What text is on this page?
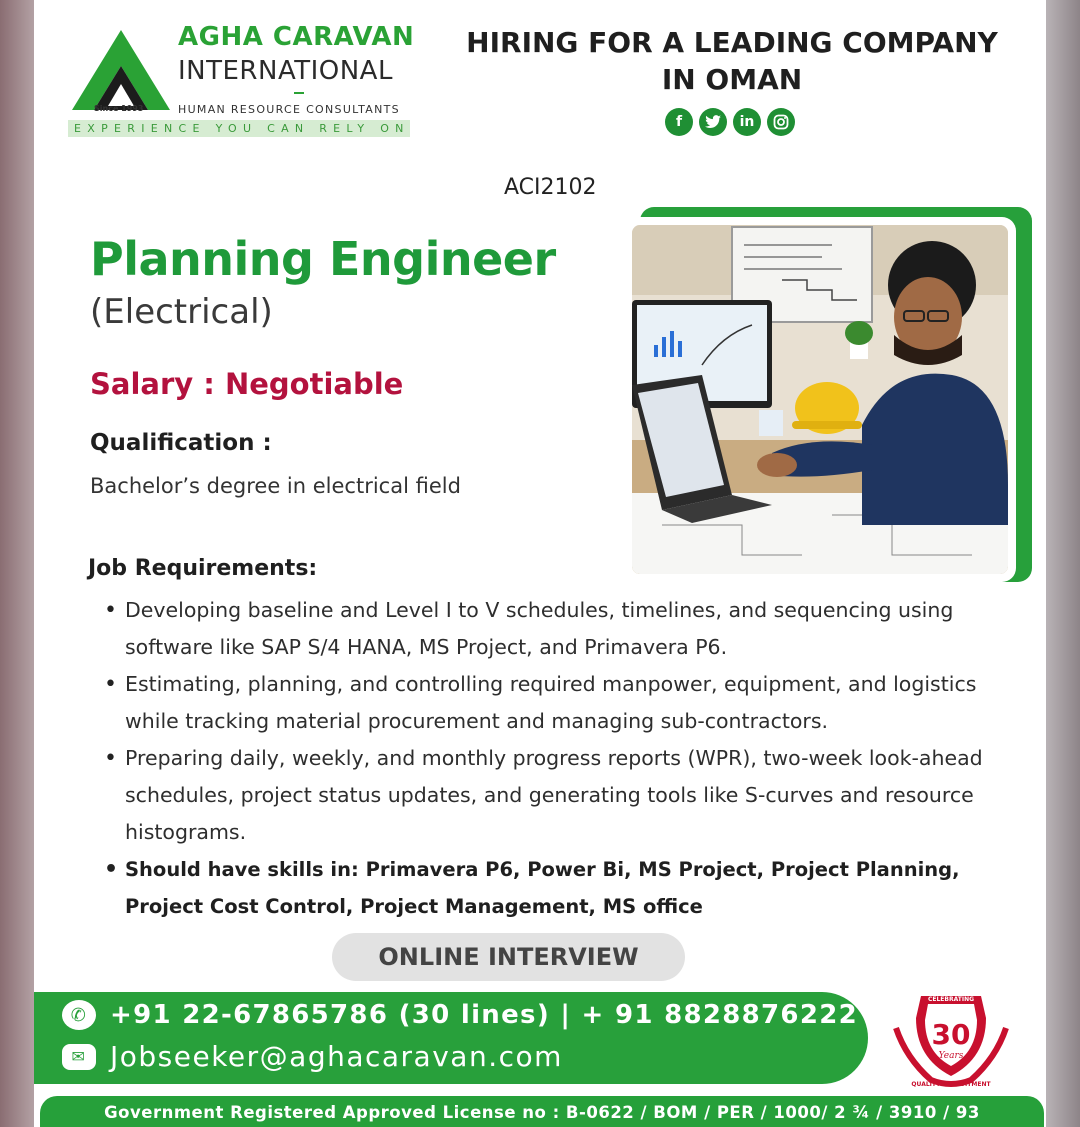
Since 1993
AGHA CARAVAN
INTERNATIONAL
HUMAN RESOURCE CONSULTANTS
EXPERIENCE YOU CAN RELY ON
HIRING FOR A LEADING COMPANY
IN OMAN
f	in
ACI2102
Planning Engineer
(Electrical)
Salary : Negotiable
Qualification :
Bachelor’s degree in electrical field
Job Requirements:
• Developing baseline and Level I to V schedules, timelines, and sequencing using software like SAP S/4 HANA, MS Project, and Primavera P6.
• Estimating, planning, and controlling required manpower, equipment, and logistics while tracking material procurement and managing sub-contractors.
• Preparing daily, weekly, and monthly progress reports (WPR), two-week look-ahead schedules, project status updates, and generating tools like S-curves and resource histograms.
• Should have skills in: Primavera P6, Power Bi, MS Project, Project Planning, Project Cost Control, Project Management, MS office
ONLINE INTERVIEW
✆ +91 22-67865786 (30 lines) | + 91 8828876222
✉ Jobseeker@aghacaravan.com
30
Years
CELEBRATING
QUALITY RECRUITMENT
Government Registered Approved License no : B-0622 / BOM / PER / 1000/ 2 ¾ / 3910 / 93
